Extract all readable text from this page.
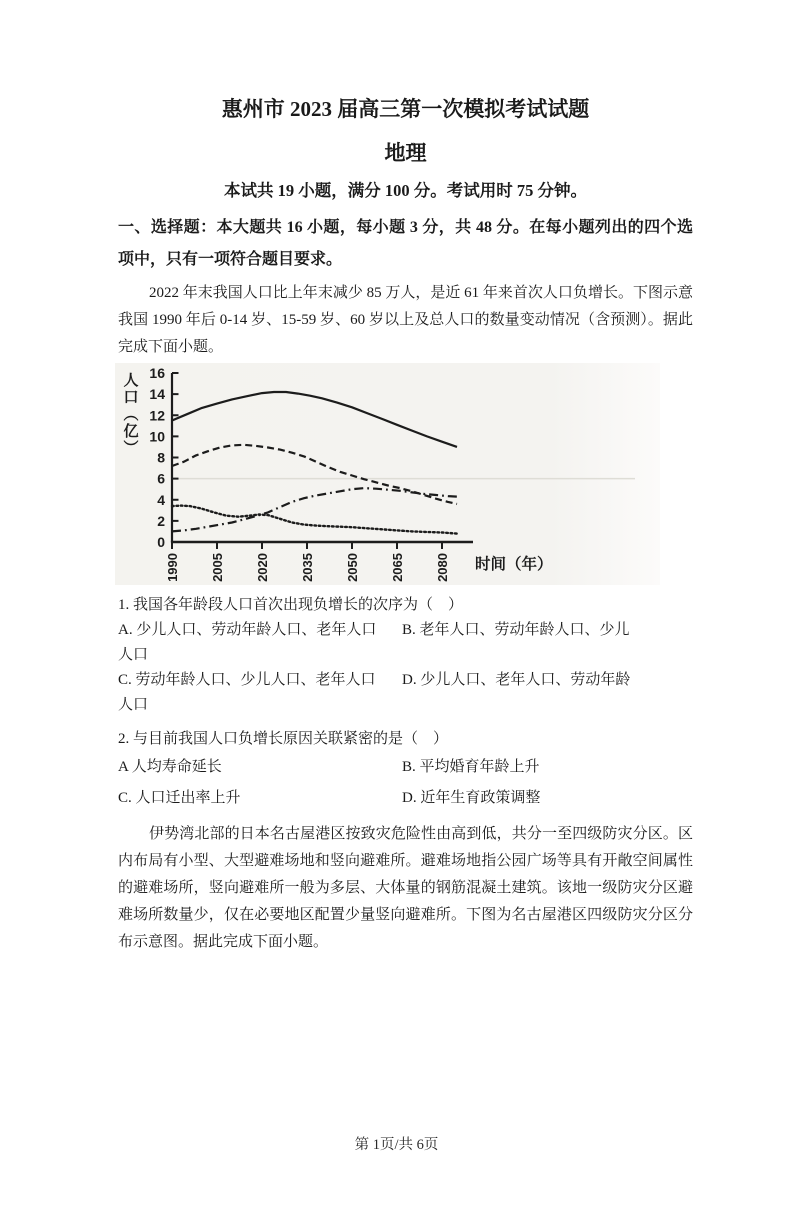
惠州市 2023 届高三第一次模拟考试试题
地理
本试共 19 小题，满分 100 分。考试用时 75 分钟。
一、选择题：本大题共 16 小题，每小题 3 分，共 48 分。在每小题列出的四个选项中，只有一项符合题目要求。
2022 年末我国人口比上年末减少 85 万人，是近 61 年来首次人口负增长。下图示意我国 1990 年后 0-14 岁、15-59 岁、60 岁以上及总人口的数量变动情况（含预测）。据此完成下面小题。
0
2
4
6
8
10
12
14
16
1990 2005 2020 2035 2050 2065 2080
人
口
︵
亿
︶
时间（年）
1. 我国各年龄段人口首次出现负增长的次序为（　）
A. 少儿人口、劳动年龄人口、老年人口	B. 老年人口、劳动年龄人口、少儿
人口
C. 劳动年龄人口、少儿人口、老年人口	D. 少儿人口、老年人口、劳动年龄
人口
2. 与目前我国人口负增长原因关联紧密的是（　）
A 人均寿命延长	B. 平均婚育年龄上升
C. 人口迁出率上升	D. 近年生育政策调整
伊势湾北部的日本名古屋港区按致灾危险性由高到低，共分一至四级防灾分区。区内布局有小型、大型避难场地和竖向避难所。避难场地指公园广场等具有开敞空间属性的避难场所，竖向避难所一般为多层、大体量的钢筋混凝土建筑。该地一级防灾分区避难场所数量少，仅在必要地区配置少量竖向避难所。下图为名古屋港区四级防灾分区分布示意图。据此完成下面小题。
第 1页/共 6页
